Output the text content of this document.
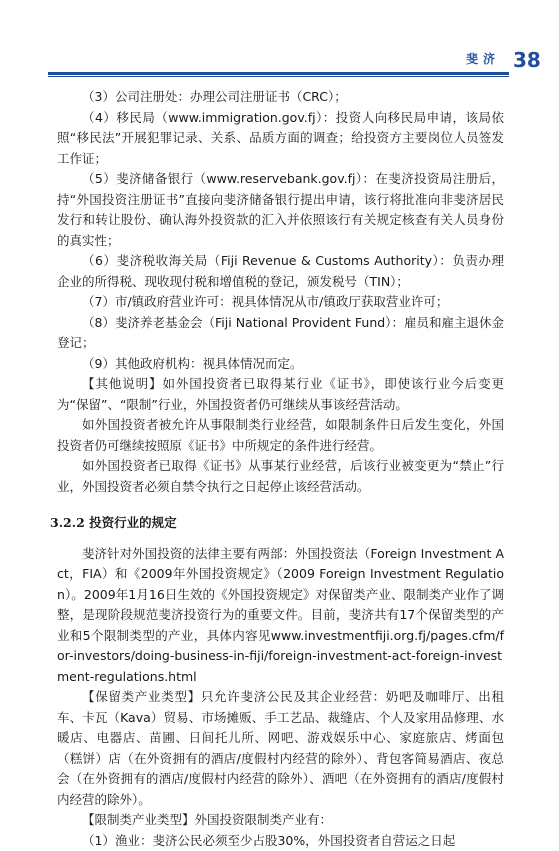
斐济 38

（3）公司注册处：办理公司注册证书（CRC）；

（4）移民局（www.immigration.gov.fj）：投资人向移民局申请，该局依照“移民法”开展犯罪记录、关系、品质方面的调查；给投资方主要岗位人员签发工作证；

（5）斐济储备银行（www.reservebank.gov.fj）：在斐济投资局注册后，持“外国投资注册证书”直接向斐济储备银行提出申请，该行将批准向非斐济居民发行和转让股份、确认海外投资款的汇入并依照该行有关规定核查有关人员身份的真实性；

（6）斐济税收海关局（Fiji Revenue & Customs Authority）：负责办理企业的所得税、现收现付税和增值税的登记，颁发税号（TIN）；

（7）市/镇政府营业许可：视具体情况从市/镇政厅获取营业许可；

（8）斐济养老基金会（Fiji National Provident Fund）：雇员和雇主退休金登记；

（9）其他政府机构：视具体情况而定。

【其他说明】如外国投资者已取得某行业《证书》，即使该行业今后变更为“保留”、“限制”行业，外国投资者仍可继续从事该经营活动。

如外国投资者被允许从事限制类行业经营，如限制条件日后发生变化，外国投资者仍可继续按照原《证书》中所规定的条件进行经营。

如外国投资者已取得《证书》从事某行业经营，后该行业被变更为“禁止”行业，外国投资者必须自禁令执行之日起停止该经营活动。

3.2.2 投资行业的规定

斐济针对外国投资的法律主要有两部：外国投资法（Foreign Investment Act，FIA）和《2009年外国投资规定》（2009 Foreign Investment Regulation）。2009年1月16日生效的《外国投资规定》对保留类产业、限制类产业作了调整，是现阶段规范斐济投资行为的重要文件。目前，斐济共有17个保留类型的产业和5个限制类型的产业，具体内容见www.investmentfiji.org.fj/pages.cfm/for-investors/doing-business-in-fiji/foreign-investment-act-foreign-investment-regulations.html

【保留类产业类型】只允许斐济公民及其企业经营：奶吧及咖啡厅、出租车、卡瓦（Kava）贸易、市场摊贩、手工艺品、裁缝店、个人及家用品修理、水暖店、电器店、苗圃、日间托儿所、网吧、游戏娱乐中心、家庭旅店、烤面包（糕饼）店（在外资拥有的酒店/度假村内经营的除外）、背包客简易酒店、夜总会（在外资拥有的酒店/度假村内经营的除外）、酒吧（在外资拥有的酒店/度假村内经营的除外）。

【限制类产业类型】外国投资限制类产业有：

（1）渔业：斐济公民必须至少占股30%，外国投资者自营运之日起
